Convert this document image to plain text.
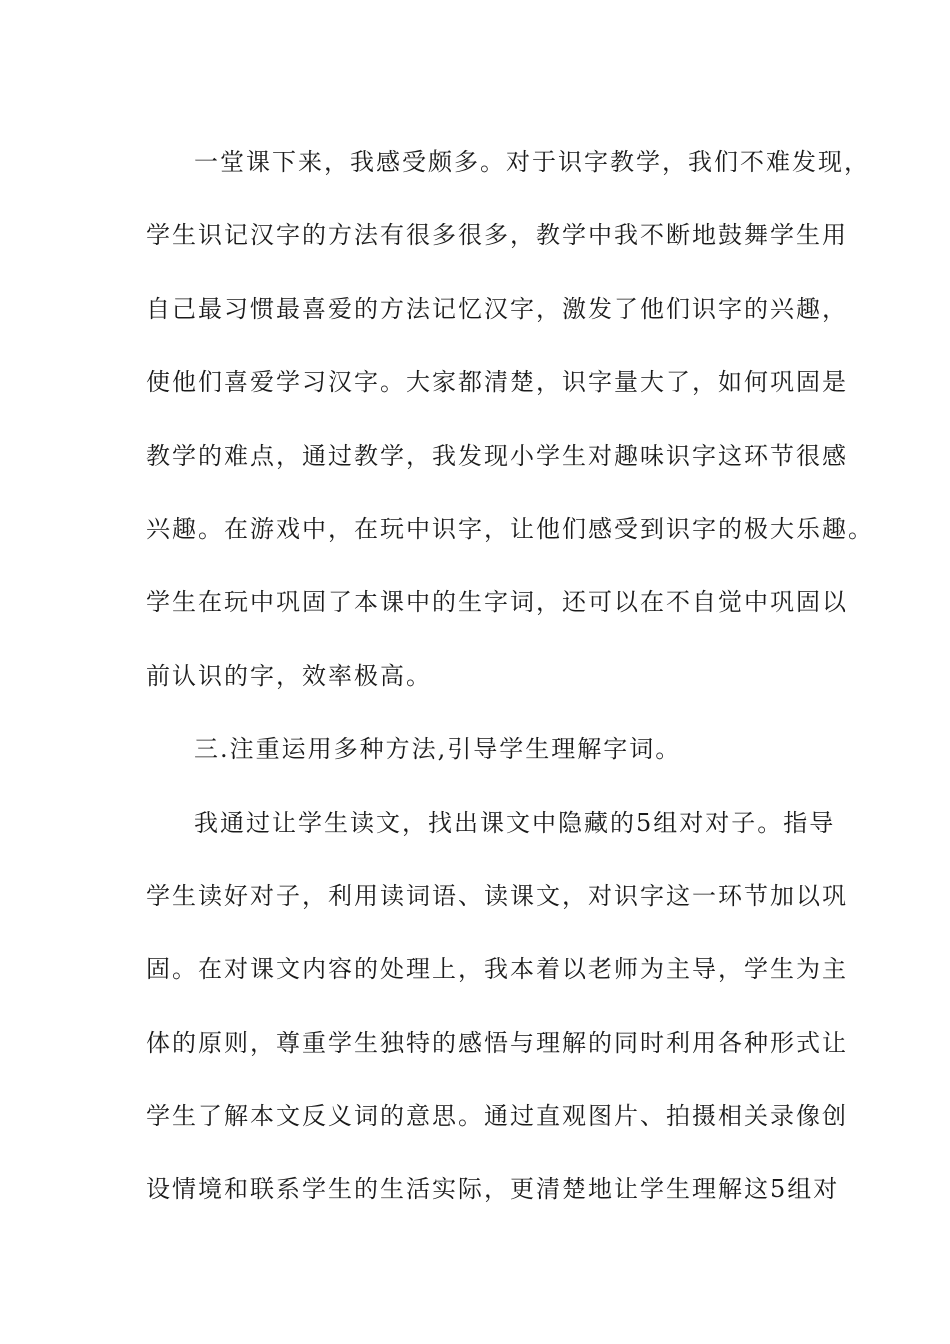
一堂课下来，我感受颇多。对于识字教学，我们不难发现，
学生识记汉字的方法有很多很多，教学中我不断地鼓舞学生用
自己最习惯最喜爱的方法记忆汉字，激发了他们识字的兴趣，
使他们喜爱学习汉字。大家都清楚，识字量大了，如何巩固是
教学的难点，通过教学，我发现小学生对趣味识字这环节很感
兴趣。在游戏中，在玩中识字，让他们感受到识字的极大乐趣。
学生在玩中巩固了本课中的生字词，还可以在不自觉中巩固以
前认识的字，效率极高。
三.注重运用多种方法,引导学生理解字词。
我通过让学生读文，找出课文中隐藏的5组对对子。指导
学生读好对子，利用读词语、读课文，对识字这一环节加以巩
固。在对课文内容的处理上，我本着以老师为主导，学生为主
体的原则，尊重学生独特的感悟与理解的同时利用各种形式让
学生了解本文反义词的意思。通过直观图片、拍摄相关录像创
设情境和联系学生的生活实际，更清楚地让学生理解这5组对
